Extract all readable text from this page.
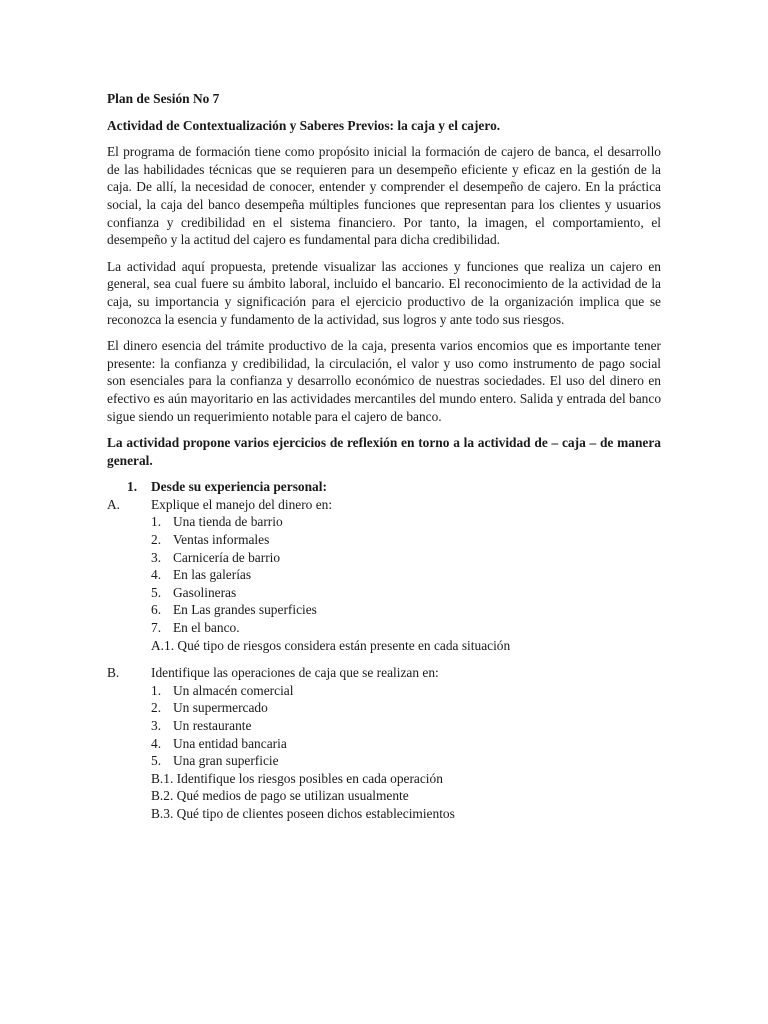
Plan de Sesión No 7

Actividad de Contextualización y Saberes Previos: la caja y el cajero.

El programa de formación tiene como propósito inicial la formación de cajero de banca, el desarrollo de las habilidades técnicas que se requieren para un desempeño eficiente y eficaz en la gestión de la caja. De allí, la necesidad de conocer, entender y comprender el desempeño de cajero. En la práctica social, la caja del banco desempeña múltiples funciones que representan para los clientes y usuarios confianza y credibilidad en el sistema financiero. Por tanto, la imagen, el comportamiento, el desempeño y la actitud del cajero es fundamental para dicha credibilidad.

La actividad aquí propuesta, pretende visualizar las acciones y funciones que realiza un cajero en general, sea cual fuere su ámbito laboral, incluido el bancario. El reconocimiento de la actividad de la caja, su importancia y significación para el ejercicio productivo de la organización implica que se reconozca la esencia y fundamento de la actividad, sus logros y ante todo sus riesgos.

El dinero esencia del trámite productivo de la caja, presenta varios encomios que es importante tener presente: la confianza y credibilidad, la circulación, el valor y uso como instrumento de pago social son esenciales para la confianza y desarrollo económico de nuestras sociedades. El uso del dinero en efectivo es aún mayoritario en las actividades mercantiles del mundo entero. Salida y entrada del banco sigue siendo un requerimiento notable para el cajero de banco.

La actividad propone varios ejercicios de reflexión en torno a la actividad de – caja – de manera general.

1.	Desde su experiencia personal:
A.	Explique el manejo del dinero en:
1. Una tienda de barrio
2. Ventas informales
3. Carnicería de barrio
4. En las galerías
5. Gasolineras
6. En Las grandes superficies
7. En el banco.
A.1. Qué tipo de riesgos considera están presente en cada situación
B.	Identifique las operaciones de caja que se realizan en:
1. Un almacén comercial
2. Un supermercado
3. Un restaurante
4. Una entidad bancaria
5. Una gran superficie
B.1. Identifique los riesgos posibles en cada operación
B.2. Qué medios de pago se utilizan usualmente
B.3. Qué tipo de clientes poseen dichos establecimientos
